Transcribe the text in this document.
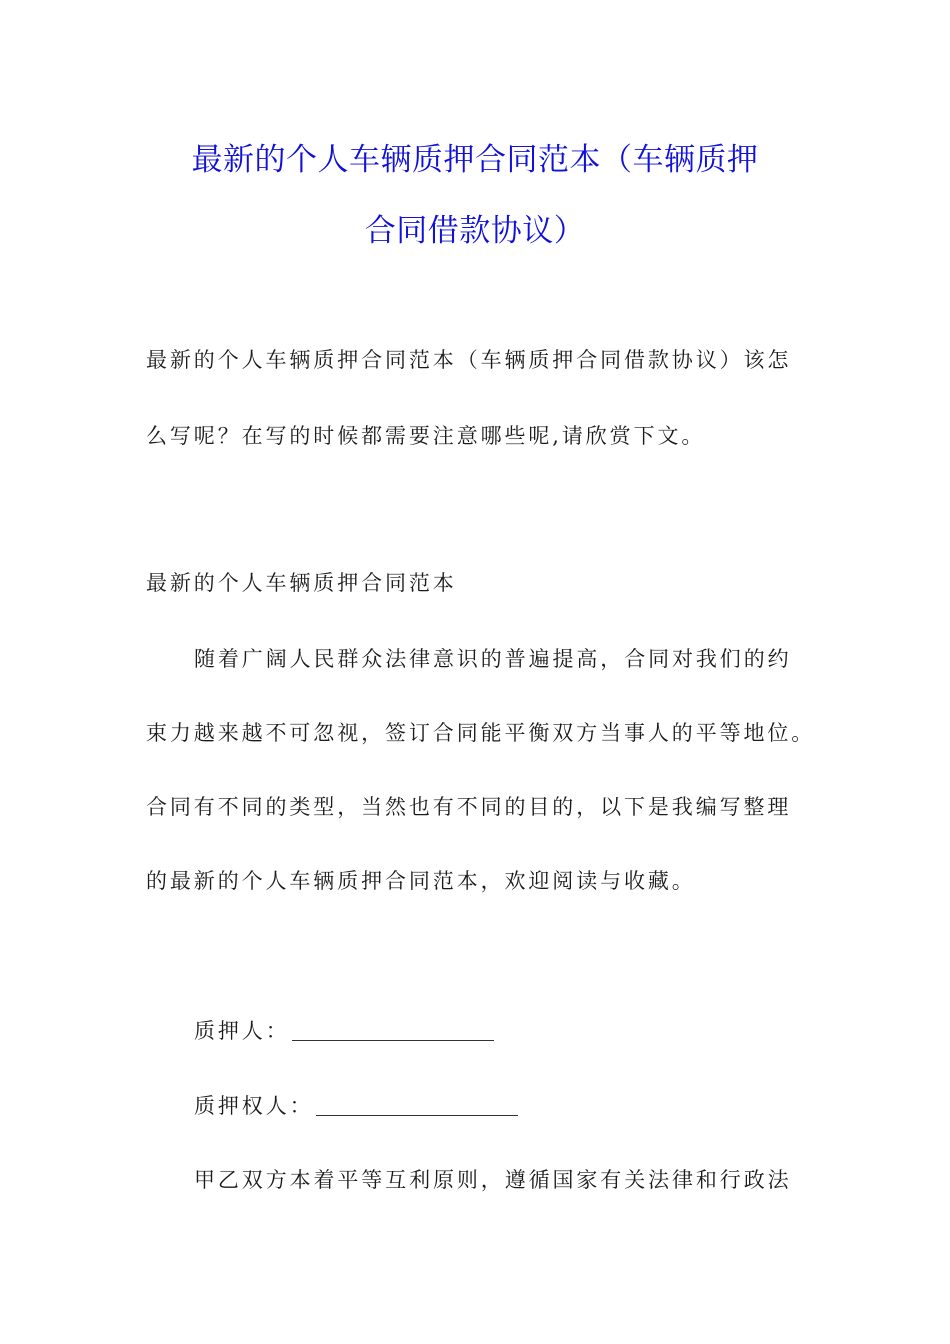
最新的个人车辆质押合同范本（车辆质押
合同借款协议）
最新的个人车辆质押合同范本（车辆质押合同借款协议）该怎
么写呢？在写的时候都需要注意哪些呢,请欣赏下文。
最新的个人车辆质押合同范本
随着广阔人民群众法律意识的普遍提高，合同对我们的约
束力越来越不可忽视，签订合同能平衡双方当事人的平等地位。
合同有不同的类型，当然也有不同的目的，以下是我编写整理
的最新的个人车辆质押合同范本，欢迎阅读与收藏。
质押人：
质押权人：
甲乙双方本着平等互利原则，遵循国家有关法律和行政法
